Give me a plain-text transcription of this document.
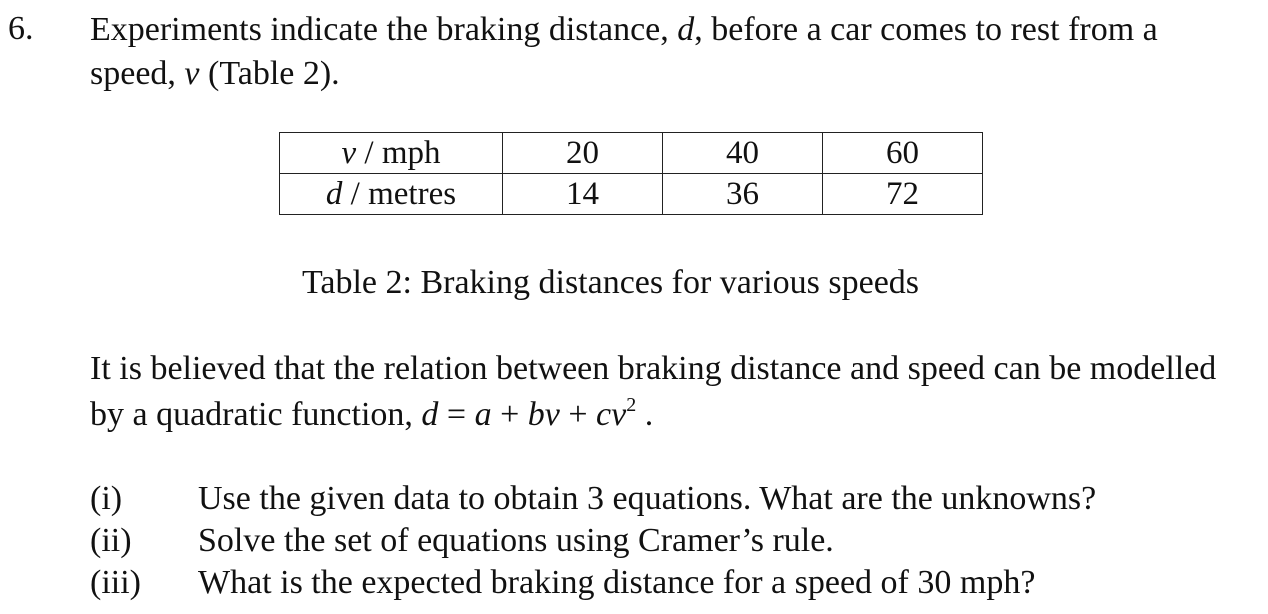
6. Experiments indicate the braking distance, d, before a car comes to rest from a speed, v (Table 2).
v / mph	20	40	60
d / metres	14	36	72
Table 2: Braking distances for various speeds
It is believed that the relation between braking distance and speed can be modelled by a quadratic function, d = a + bv + $cv^2$ .
(i)	Use the given data to obtain 3 equations. What are the unknowns?
(ii)	Solve the set of equations using Cramer’s rule.
(iii)	What is the expected braking distance for a speed of 30 mph?
